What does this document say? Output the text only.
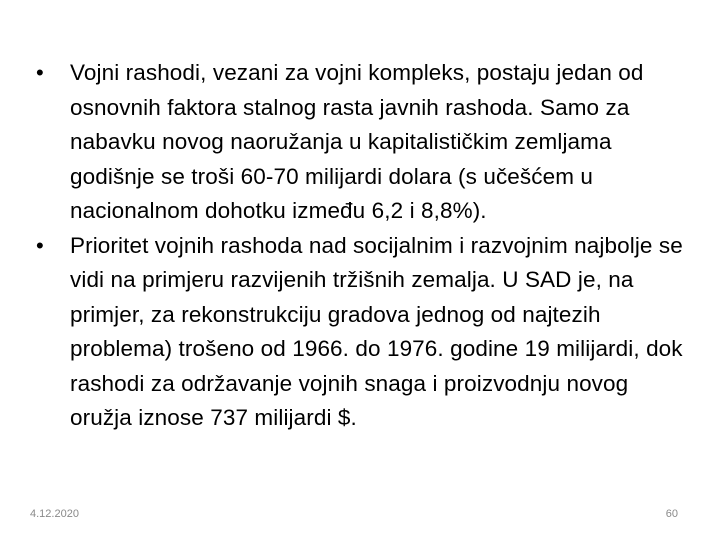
•	Vojni rashodi, vezani za vojni kompleks, postaju jedan od osnovnih faktora stalnog rasta javnih rashoda. Samo za nabavku novog naoružanja u kapitalističkim zemljama godišnje se troši 60-70 milijardi dolara (s učešćem u nacionalnom dohotku između 6,2 i 8,8%).
•	Prioritet vojnih rashoda nad socijalnim i razvojnim najbolje se vidi na primjeru razvijenih tržišnih zemalja. U SAD je, na primjer, za rekonstrukciju gradova jednog od najtezih problema) trošeno od 1966. do 1976. godine 19 milijardi, dok rashodi za održavanje vojnih snaga i proizvodnju novog oružja iznose 737 milijardi $.
4.12.2020	60
